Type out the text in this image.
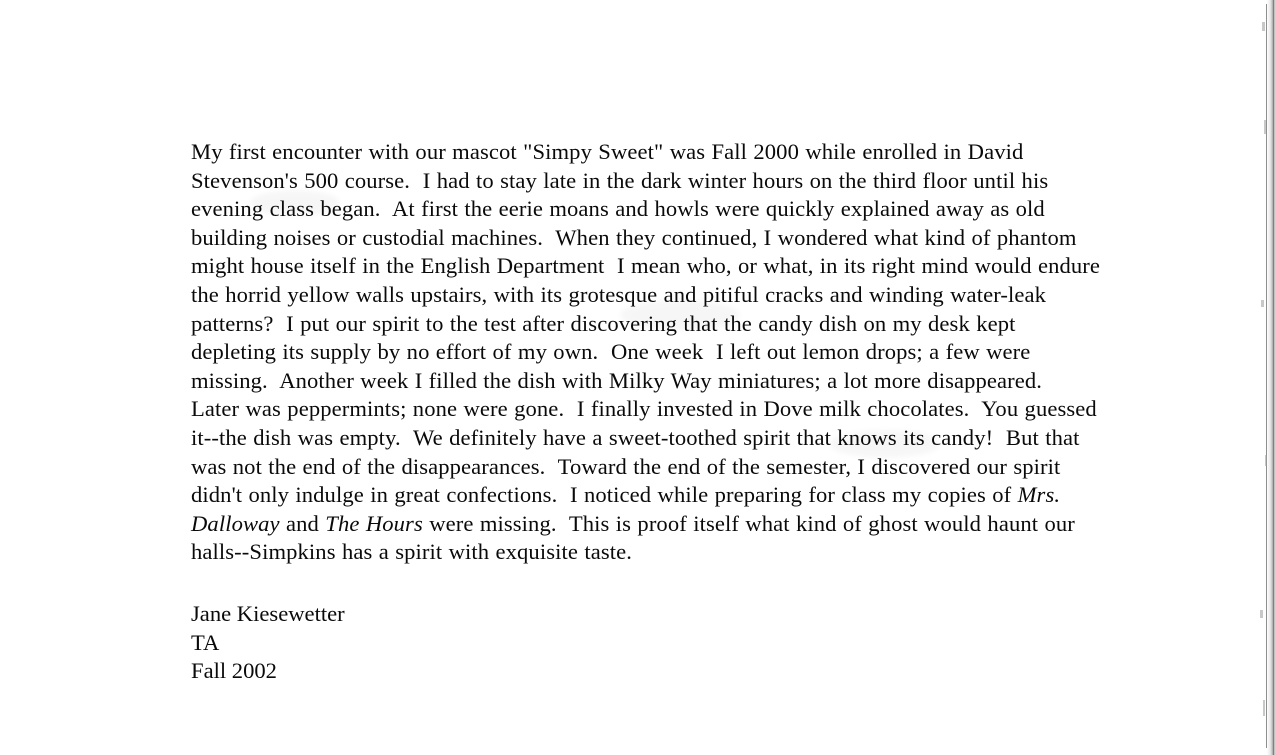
My first encounter with our mascot "Simpy Sweet" was Fall 2000 while enrolled in David Stevenson's 500 course.  I had to stay late in the dark winter hours on the third floor until his evening class began.  At first the eerie moans and howls were quickly explained away as old building noises or custodial machines.  When they continued, I wondered what kind of phantom might house itself in the English Department  I mean who, or what, in its right mind would endure the horrid yellow walls upstairs, with its grotesque and pitiful cracks and winding water-leak patterns?  I put our spirit to the test after discovering that the candy dish on my desk kept depleting its supply by no effort of my own.  One week  I left out lemon drops; a few were missing.  Another week I filled the dish with Milky Way miniatures; a lot more disappeared.  Later was peppermints; none were gone.  I finally invested in Dove milk chocolates.  You guessed it--the dish was empty.  We definitely have a sweet-toothed spirit that knows its candy!  But that was not the end of the disappearances.  Toward the end of the semester, I discovered our spirit didn't only indulge in great confections.  I noticed while preparing for class my copies of Mrs. Dalloway and The Hours were missing.  This is proof itself what kind of ghost would haunt our halls--Simpkins has a spirit with exquisite taste.
Jane Kiesewetter
TA
Fall 2002
